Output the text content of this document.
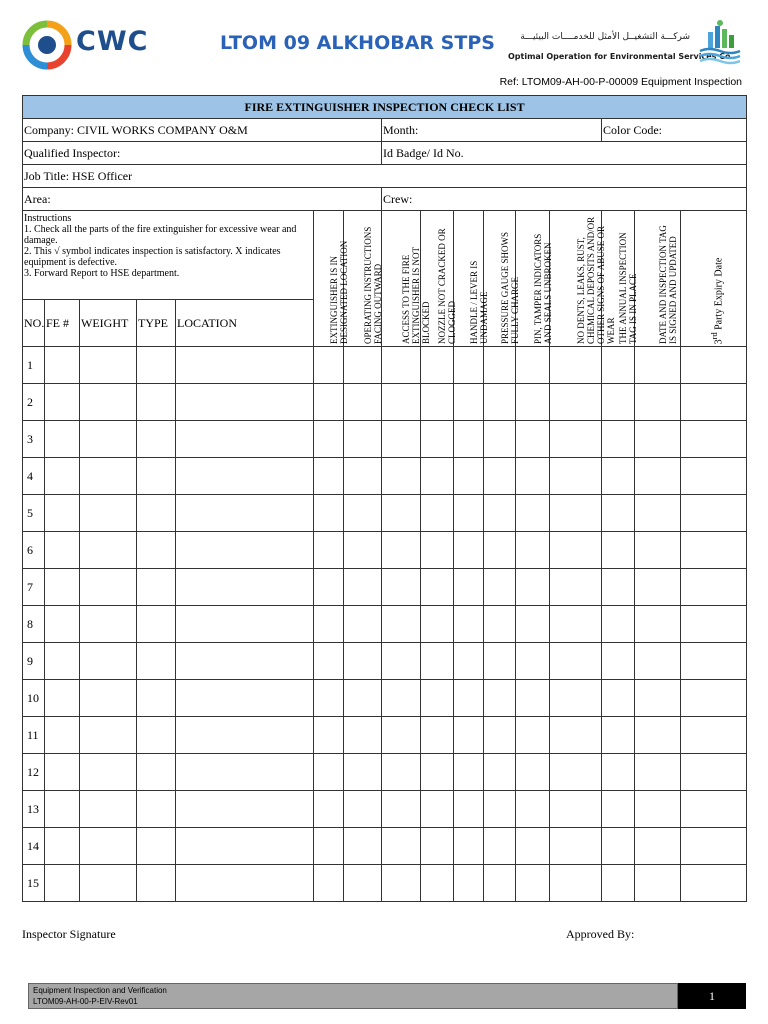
CWC	LTOM 09 ALKHOBAR STPS	شركـــة التشغيــل الأمثل للخدمــــات البيئيـــة
Optimal Operation for Environmental Services Co.
Ref: LTOM09-AH-00-P-00009 Equipment Inspection
FIRE EXTINGUISHER INSPECTION CHECK LIST															
Company: CIVIL WORKS COMPANY O&M							Month:						Color Code:		
Qualified Inspector:							Id Badge/ Id No.								
Job Title: HSE Officer															
Area:							Crew:								

Instructions
1. Check all the parts of the fire extinguisher for excessive wear and damage.
2. This √ symbol indicates inspection is satisfactory. X indicates equipment is defective.
3. Forward Report to HSE department.					EXTINGUISHER IS IN DESIGNATED LOCATION	OPERATING INSTRUCTIONS FACING OUTWARD	ACCESS TO THE FIRE EXTINGUISHER IS NOT BLOCKED	NOZZLE NOT CRACKED OR CLOGGED	HANDLE / LEVER IS UNDAMAGE	PRESSURE GAUGE SHOWS FULLY CHARGE	PIN, TAMPER INDICATORS AND SEALS UNBROKEN	NO DENTS, LEAKS, RUST, CHEMICAL DEPOSITS AND/OR OTHER SIGNS OF ABUSE OR WEAR	THE ANNUAL INSPECTION TAG IS IN PLACE	DATE AND INSPECTION TAG IS SIGNED AND UPDATED	3rd Party Expiry Date

NO.	FE #	WEIGHT	TYPE	LOCATION											
1															
2															
3															
4															
5															
6															
7															
8															
9															
10															
11															
12															
13															
14															
15															
Inspector Signature	Approved By:
Equipment Inspection and Verification
LTOM09-AH-00-P-EIV-Rev01	1
